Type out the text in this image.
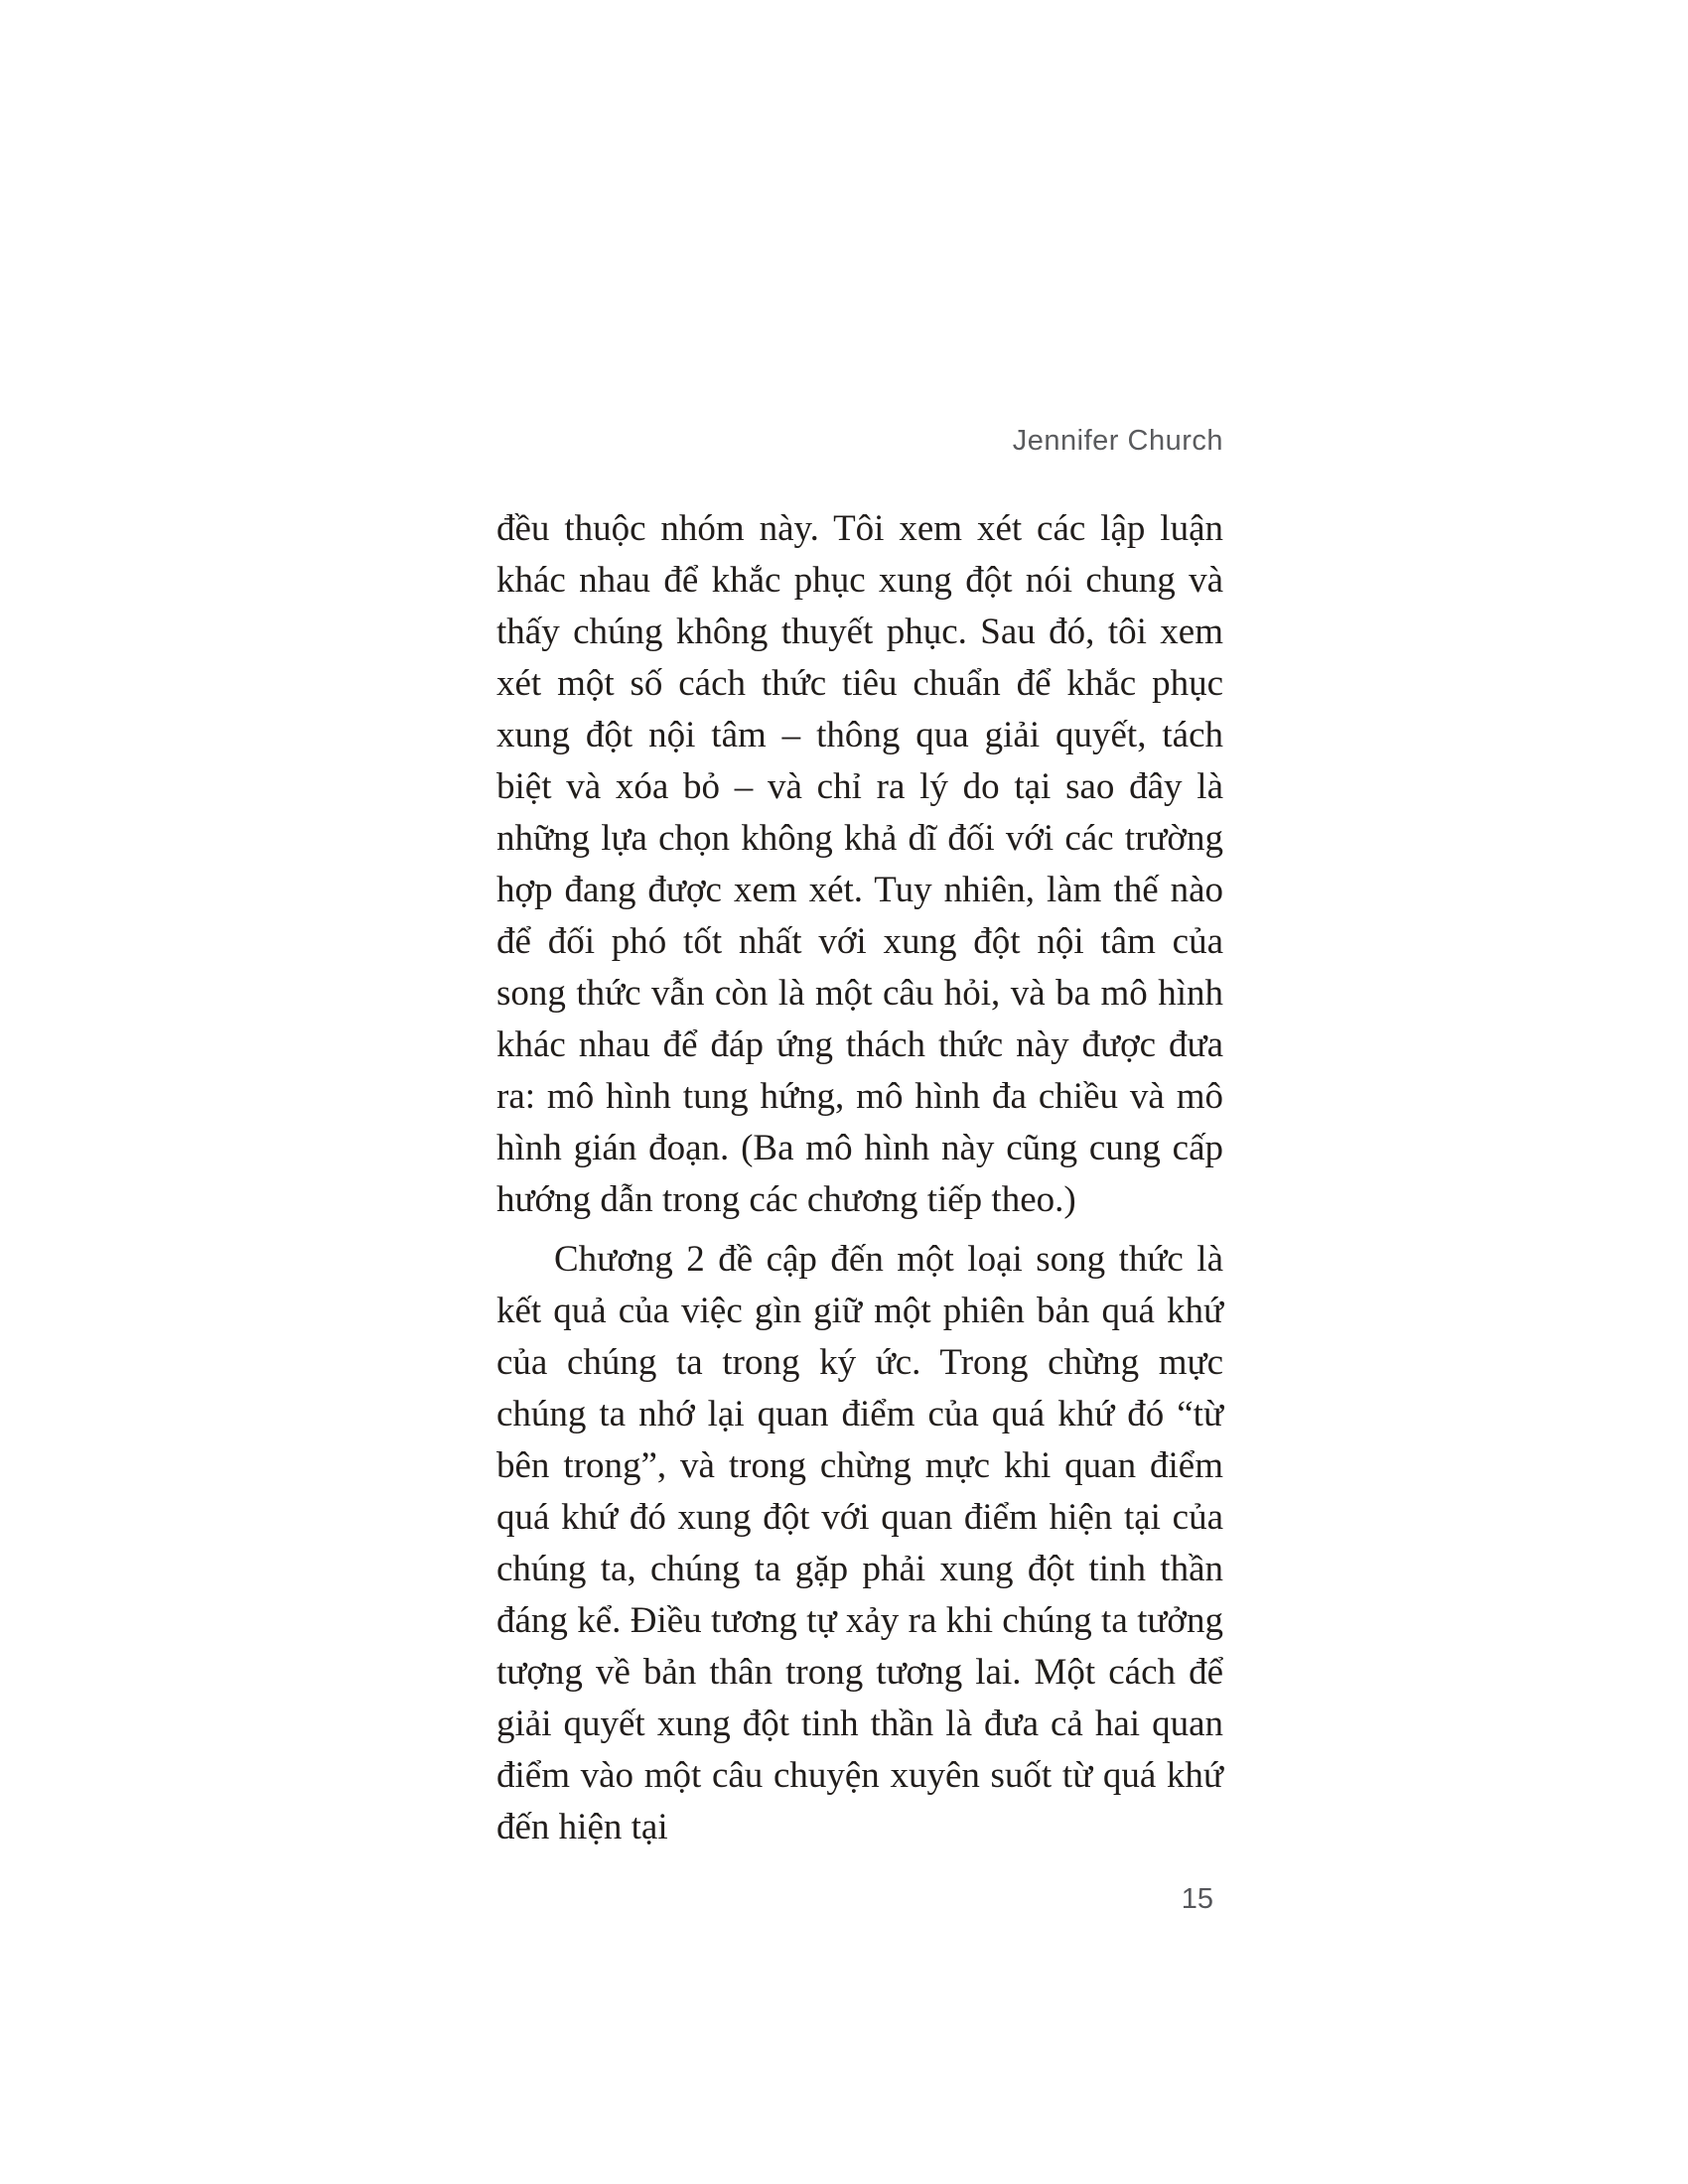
Jennifer Church

đều thuộc nhóm này. Tôi xem xét các lập luận khác nhau để khắc phục xung đột nói chung và thấy chúng không thuyết phục. Sau đó, tôi xem xét một số cách thức tiêu chuẩn để khắc phục xung đột nội tâm – thông qua giải quyết, tách biệt và xóa bỏ – và chỉ ra lý do tại sao đây là những lựa chọn không khả dĩ đối với các trường hợp đang được xem xét. Tuy nhiên, làm thế nào để đối phó tốt nhất với xung đột nội tâm của song thức vẫn còn là một câu hỏi, và ba mô hình khác nhau để đáp ứng thách thức này được đưa ra: mô hình tung hứng, mô hình đa chiều và mô hình gián đoạn. (Ba mô hình này cũng cung cấp hướng dẫn trong các chương tiếp theo.)

Chương 2 đề cập đến một loại song thức là kết quả của việc gìn giữ một phiên bản quá khứ của chúng ta trong ký ức. Trong chừng mực chúng ta nhớ lại quan điểm của quá khứ đó “từ bên trong”, và trong chừng mực khi quan điểm quá khứ đó xung đột với quan điểm hiện tại của chúng ta, chúng ta gặp phải xung đột tinh thần đáng kể. Điều tương tự xảy ra khi chúng ta tưởng tượng về bản thân trong tương lai. Một cách để giải quyết xung đột tinh thần là đưa cả hai quan điểm vào một câu chuyện xuyên suốt từ quá khứ đến hiện tại

15
